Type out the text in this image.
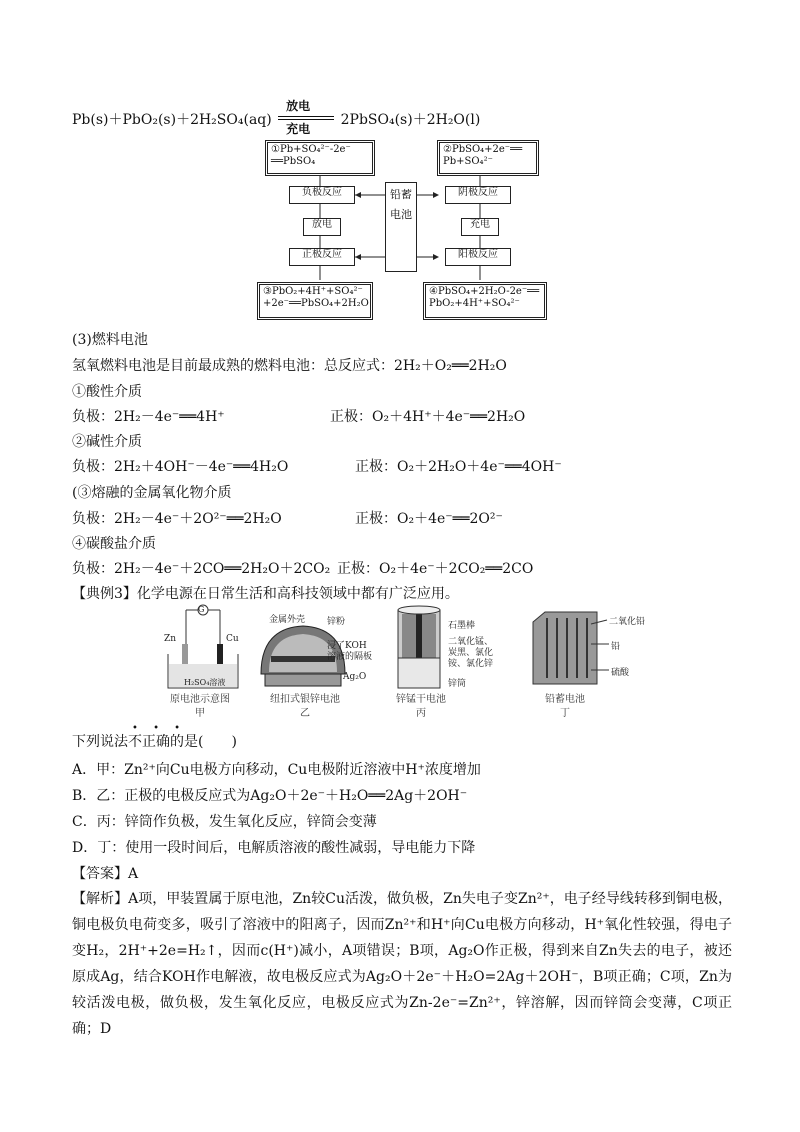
Pb(s)＋PbO₂(s)＋2H₂SO₄(aq)
放电
充电
2PbSO₄(s)＋2H₂O(l)
①Pb+SO₄²⁻-2e⁻ ══PbSO₄
②PbSO₄+2e⁻══ Pb+SO₄²⁻
负极反应
放电
正极反应
铅蓄电池
阴极反应
充电
阳极反应
③PbO₂+4H⁺+SO₄²⁻ +2e⁻══PbSO₄+2H₂O
④PbSO₄+2H₂O-2e⁻══ PbO₂+4H⁺+SO₄²⁻
(3)燃料电池
氢氧燃料电池是目前最成熟的燃料电池：总反应式：2H₂＋O₂══2H₂O
①酸性介质
负极：2H₂－4e⁻══4H⁺	正极：O₂＋4H⁺＋4e⁻══2H₂O
②碱性介质
负极：2H₂＋4OH⁻－4e⁻══4H₂O	正极：O₂＋2H₂O＋4e⁻══4OH⁻
(③熔融的金属氧化物介质
负极：2H₂－4e⁻＋2O²⁻══2H₂O	正极：O₂＋4e⁻══2O²⁻
④碳酸盐介质
负极：2H₂－4e⁻＋2CO══2H₂O＋2CO₂ 正极：O₂＋4e⁻＋2CO₂══2CO
【典例3】化学电源在日常生活和高科技领域中都有广泛应用。
G
Zn	Cu
H₂SO₄溶液
原电池示意图
甲
金属外壳 锌粉
浸了KOH
溶液的隔板
Ag₂O
纽扣式银锌电池
乙
石墨棒
二氧化锰、
炭黑、氯化
铵、氯化锌
锌筒
锌锰干电池
丙
二氧化铅
铅
硫酸
铅蓄电池
丁
• • •
下列说法不正确的是(　　)
A．甲：Zn²⁺向Cu电极方向移动，Cu电极附近溶液中H⁺浓度增加
B．乙：正极的电极反应式为Ag₂O＋2e⁻＋H₂O══2Ag＋2OH⁻
C．丙：锌筒作负极，发生氧化反应，锌筒会变薄
D．丁：使用一段时间后，电解质溶液的酸性减弱，导电能力下降
【答案】A
【解析】A项，甲装置属于原电池，Zn较Cu活泼，做负极，Zn失电子变Zn²⁺，电子经导线转移到铜电极，铜电极负电荷变多，吸引了溶液中的阳离子，因而Zn²⁺和H⁺向Cu电极方向移动，H⁺氧化性较强，得电子变H₂，2H⁺+2e=H₂↑，因而c(H⁺)减小，A项错误；B项，Ag₂O作正极，得到来自Zn失去的电子，被还原成Ag，结合KOH作电解液，故电极反应式为Ag₂O＋2e⁻＋H₂O=2Ag＋2OH⁻，B项正确；C项，Zn为较活泼电极，做负极，发生氧化反应，电极反应式为Zn-2e⁻=Zn²⁺，锌溶解，因而锌筒会变薄，C项正确；D
